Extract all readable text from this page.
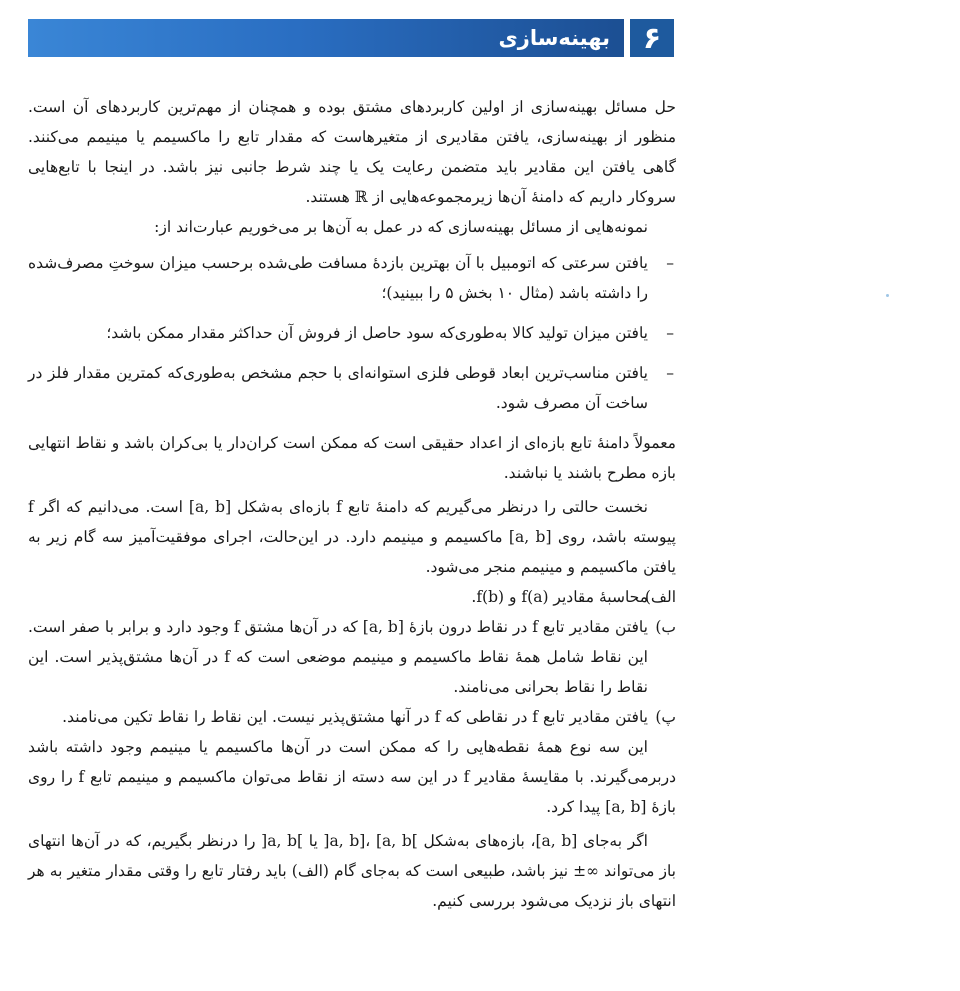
۶
بهینه‌سازی

حل مسائل بهینه‌سازی از اولین کاربردهای مشتق بوده و همچنان از مهم‌ترین کاربردهای آن است. منظور از بهینه‌سازی، یافتن مقادیری از متغیرهاست که مقدار تابع را ماکسیمم یا مینیمم می‌کنند. گاهی یافتن این مقادیر باید متضمن رعایت یک یا چند شرط جانبی نیز باشد. در اینجا با تابع‌هایی سروکار داریم که دامنهٔ آن‌ها زیرمجموعه‌هایی از ℝ هستند.

نمونه‌هایی از مسائل بهینه‌سازی که در عمل به آن‌ها بر می‌خوریم عبارت‌اند از:

–
یافتن سرعتی که اتومبیل با آن بهترین بازدهٔ مسافت طی‌شده برحسب میزان سوختِ مصرف‌شده را داشته باشد (مثال ۱۰ بخش ۵ را ببینید)؛
–
یافتن میزان تولید کالا به‌طوری‌که سود حاصل از فروش آن حداکثر مقدار ممکن باشد؛
–
یافتن مناسب‌ترین ابعاد قوطی فلزی استوانه‌ای با حجم مشخص به‌طوری‌که کمترین مقدار فلز در ساخت آن مصرف شود.

معمولاً دامنهٔ تابع بازه‌ای از اعداد حقیقی است که ممکن است کران‌دار یا بی‌کران باشد و نقاط انتهایی بازه مطرح باشند یا نباشند.

نخست حالتی را درنظر می‌گیریم که دامنهٔ تابع f بازه‌ای به‌شکل [a, b] است. می‌دانیم که اگر f پیوسته باشد، روی [a, b] ماکسیمم و مینیمم دارد. در این‌حالت، اجرای موفقیت‌آمیز سه گام زیر به یافتن ماکسیمم و مینیمم منجر می‌شود.

الف)
محاسبهٔ مقادیر f(a) و f(b).

ب)
یافتن مقادیر تابع f در نقاط درون بازهٔ [a, b] که در آن‌ها مشتق f وجود دارد و برابر با صفر است. این نقاط شامل همهٔ نقاط ماکسیمم و مینیمم موضعی است که f در آن‌ها مشتق‌پذیر است. این نقاط را نقاط بحرانی می‌نامند.

پ)
یافتن مقادیر تابع f در نقاطی که f در آنها مشتق‌پذیر نیست. این نقاط را نقاط تکین می‌نامند.

این سه نوع همهٔ نقطه‌هایی را که ممکن است در آن‌ها ماکسیمم یا مینیمم وجود داشته باشد دربرمی‌گیرند. با مقایسهٔ مقادیر f در این سه دسته از نقاط می‌توان ماکسیمم و مینیمم تابع f را روی بازهٔ [a, b] پیدا کرد.

اگر به‌جای [a, b]، بازه‌های به‌شکل ]a, b]، [a, b[ یا ]a, b[ را درنظر بگیریم، که در آن‌ها انتهای باز می‌تواند ∞± نیز باشد، طبیعی است که به‌جای گام (الف) باید رفتار تابع را وقتی مقدار متغیر به هر انتهای باز نزدیک می‌شود بررسی کنیم.
